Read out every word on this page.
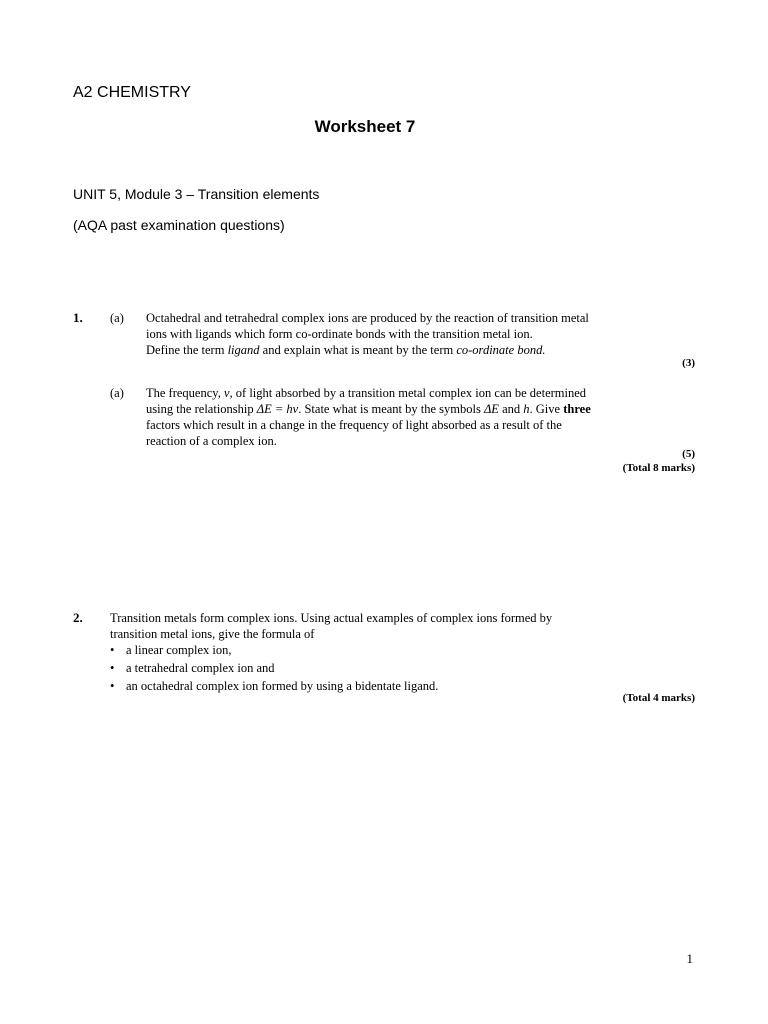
A2 CHEMISTRY
Worksheet 7
UNIT 5, Module 3 – Transition elements
(AQA past examination questions)
1. (a) Octahedral and tetrahedral complex ions are produced by the reaction of transition metal
ions with ligands which form co-ordinate bonds with the transition metal ion.
Define the term ligand and explain what is meant by the term co-ordinate bond.
(3)
(a) The frequency, ν, of light absorbed by a transition metal complex ion can be determined
using the relationship ΔE = hν. State what is meant by the symbols ΔE and h. Give three
factors which result in a change in the frequency of light absorbed as a result of the
reaction of a complex ion.
(5)
(Total 8 marks)
2. Transition metals form complex ions. Using actual examples of complex ions formed by
transition metal ions, give the formula of
• a linear complex ion,
• a tetrahedral complex ion and
• an octahedral complex ion formed by using a bidentate ligand.
(Total 4 marks)
1
